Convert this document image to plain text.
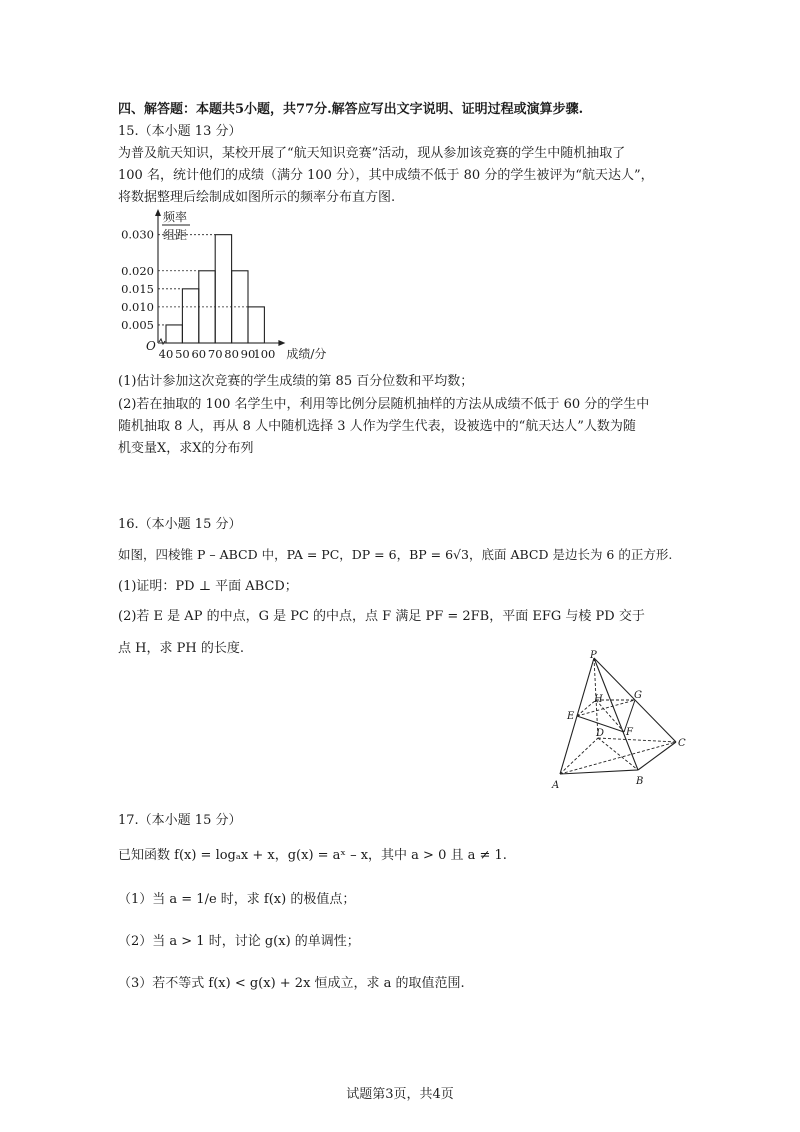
四、解答题：本题共5小题，共77分.解答应写出文字说明、证明过程或演算步骤.
15.（本小题 13 分）
为普及航天知识，某校开展了“航天知识竞赛”活动，现从参加该竞赛的学生中随机抽取了
100 名，统计他们的成绩（满分 100 分），其中成绩不低于 80 分的学生被评为“航天达人”，
将数据整理后绘制成如图所示的频率分布直方图.
频率
组距
0.030
0.020
0.015
0.010
0.005
O
40 50 60 70 80 90
100 成绩/分
(1)估计参加这次竞赛的学生成绩的第 85 百分位数和平均数；
(2)若在抽取的 100 名学生中，利用等比例分层随机抽样的方法从成绩不低于 60 分的学生中
随机抽取 8 人，再从 8 人中随机选择 3 人作为学生代表，设被选中的“航天达人”人数为随
机变量X，求X的分布列
16.（本小题 15 分）
如图，四棱锥 P – ABCD 中，PA = PC，DP = 6，BP = 6√3，底面 ABCD 是边长为 6 的正方形.
(1)证明：PD ⊥ 平面 ABCD；
(2)若 E 是 AP 的中点，G 是 PC 的中点，点 F 满足 PF = 2FB，平面 EFG 与棱 PD 交于
点 H，求 PH 的长度.	P
A	B
C
D
E
F
G
H
17.（本小题 15 分）
已知函数 f(x) = logₐx + x，g(x) = aˣ – x，其中 a > 0 且 a ≠ 1.
（1）当 a = 1/e 时，求 f(x) 的极值点；
（2）当 a > 1 时，讨论 g(x) 的单调性；
（3）若不等式 f(x) < g(x) + 2x 恒成立，求 a 的取值范围.
试题第3页，共4页
